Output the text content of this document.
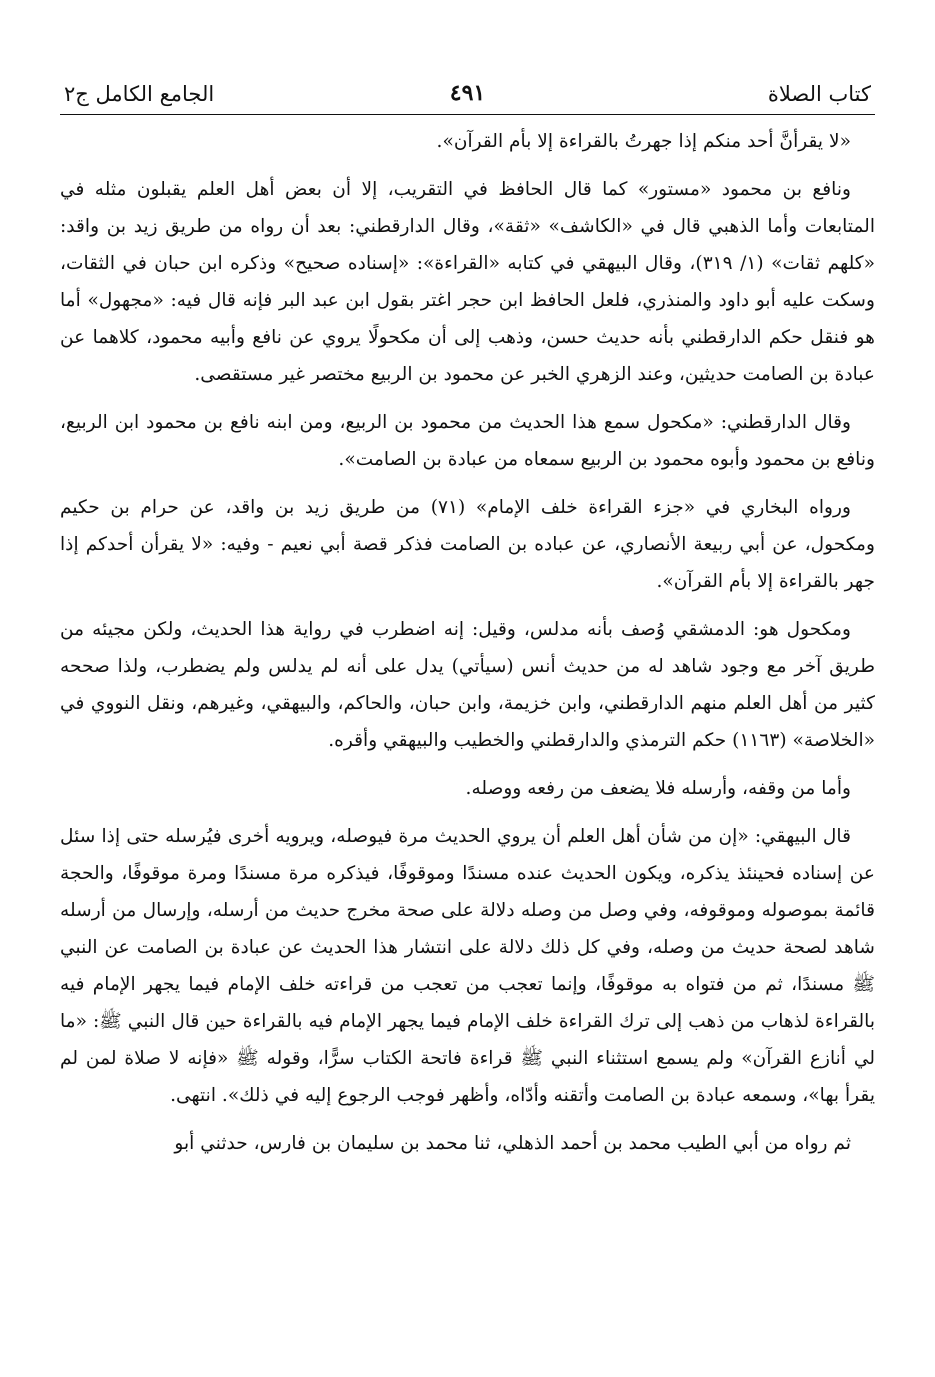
كتاب الصلاة
٤٩١
الجامع الكامل ج٢

«لا يقرأنَّ أحد منكم إذا جهرتُ بالقراءة إلا بأم القرآن».

ونافع بن محمود «مستور» كما قال الحافظ في التقريب، إلا أن بعض أهل العلم يقبلون مثله في المتابعات وأما الذهبي قال في «الكاشف» «ثقة»، وقال الدارقطني: بعد أن رواه من طريق زيد بن واقد: «كلهم ثقات» (١/ ٣١٩)، وقال البيهقي في كتابه «القراءة»: «إسناده صحيح» وذكره ابن حبان في الثقات، وسكت عليه أبو داود والمنذري، فلعل الحافظ ابن حجر اغتر بقول ابن عبد البر فإنه قال فيه: «مجهول» أما هو فنقل حكم الدارقطني بأنه حديث حسن، وذهب إلى أن مكحولًا يروي عن نافع وأبيه محمود، كلاهما عن عبادة بن الصامت حديثين، وعند الزهري الخبر عن محمود بن الربيع مختصر غير مستقصى.

وقال الدارقطني: «مكحول سمع هذا الحديث من محمود بن الربيع، ومن ابنه نافع بن محمود ابن الربيع، ونافع بن محمود وأبوه محمود بن الربيع سمعاه من عبادة بن الصامت».

ورواه البخاري في «جزء القراءة خلف الإمام» (٧١) من طريق زيد بن واقد، عن حرام بن حكيم ومكحول، عن أبي ربيعة الأنصاري، عن عباده بن الصامت فذكر قصة أبي نعيم - وفيه: «لا يقرأن أحدكم إذا جهر بالقراءة إلا بأم القرآن».

ومكحول هو: الدمشقي وُصف بأنه مدلس، وقيل: إنه اضطرب في رواية هذا الحديث، ولكن مجيئه من طريق آخر مع وجود شاهد له من حديث أنس (سيأتي) يدل على أنه لم يدلس ولم يضطرب، ولذا صححه كثير من أهل العلم منهم الدارقطني، وابن خزيمة، وابن حبان، والحاكم، والبيهقي، وغيرهم، ونقل النووي في «الخلاصة» (١١٦٣) حكم الترمذي والدارقطني والخطيب والبيهقي وأقره.

وأما من وقفه، وأرسله فلا يضعف من رفعه ووصله.

قال البيهقي: «إن من شأن أهل العلم أن يروي الحديث مرة فيوصله، ويرويه أخرى فيُرسله حتى إذا سئل عن إسناده فحينئذ يذكره، ويكون الحديث عنده مسندًا وموقوفًا، فيذكره مرة مسندًا ومرة موقوفًا، والحجة قائمة بموصوله وموقوفه، وفي وصل من وصله دلالة على صحة مخرج حديث من أرسله، وإرسال من أرسله شاهد لصحة حديث من وصله، وفي كل ذلك دلالة على انتشار هذا الحديث عن عبادة بن الصامت عن النبي ﷺ مسندًا، ثم من فتواه به موقوفًا، وإنما تعجب من تعجب من قراءته خلف الإمام فيما يجهر الإمام فيه بالقراءة لذهاب من ذهب إلى ترك القراءة خلف الإمام فيما يجهر الإمام فيه بالقراءة حين قال النبي ﷺ: «ما لي أنازع القرآن» ولم يسمع استثناء النبي ﷺ قراءة فاتحة الكتاب سرًّا، وقوله ﷺ «فإنه لا صلاة لمن لم يقرأ بها»، وسمعه عبادة بن الصامت وأتقنه وأدّاه، وأظهر فوجب الرجوع إليه في ذلك». انتهى.

ثم رواه من أبي الطيب محمد بن أحمد الذهلي، ثنا محمد بن سليمان بن فارس، حدثني أبو
